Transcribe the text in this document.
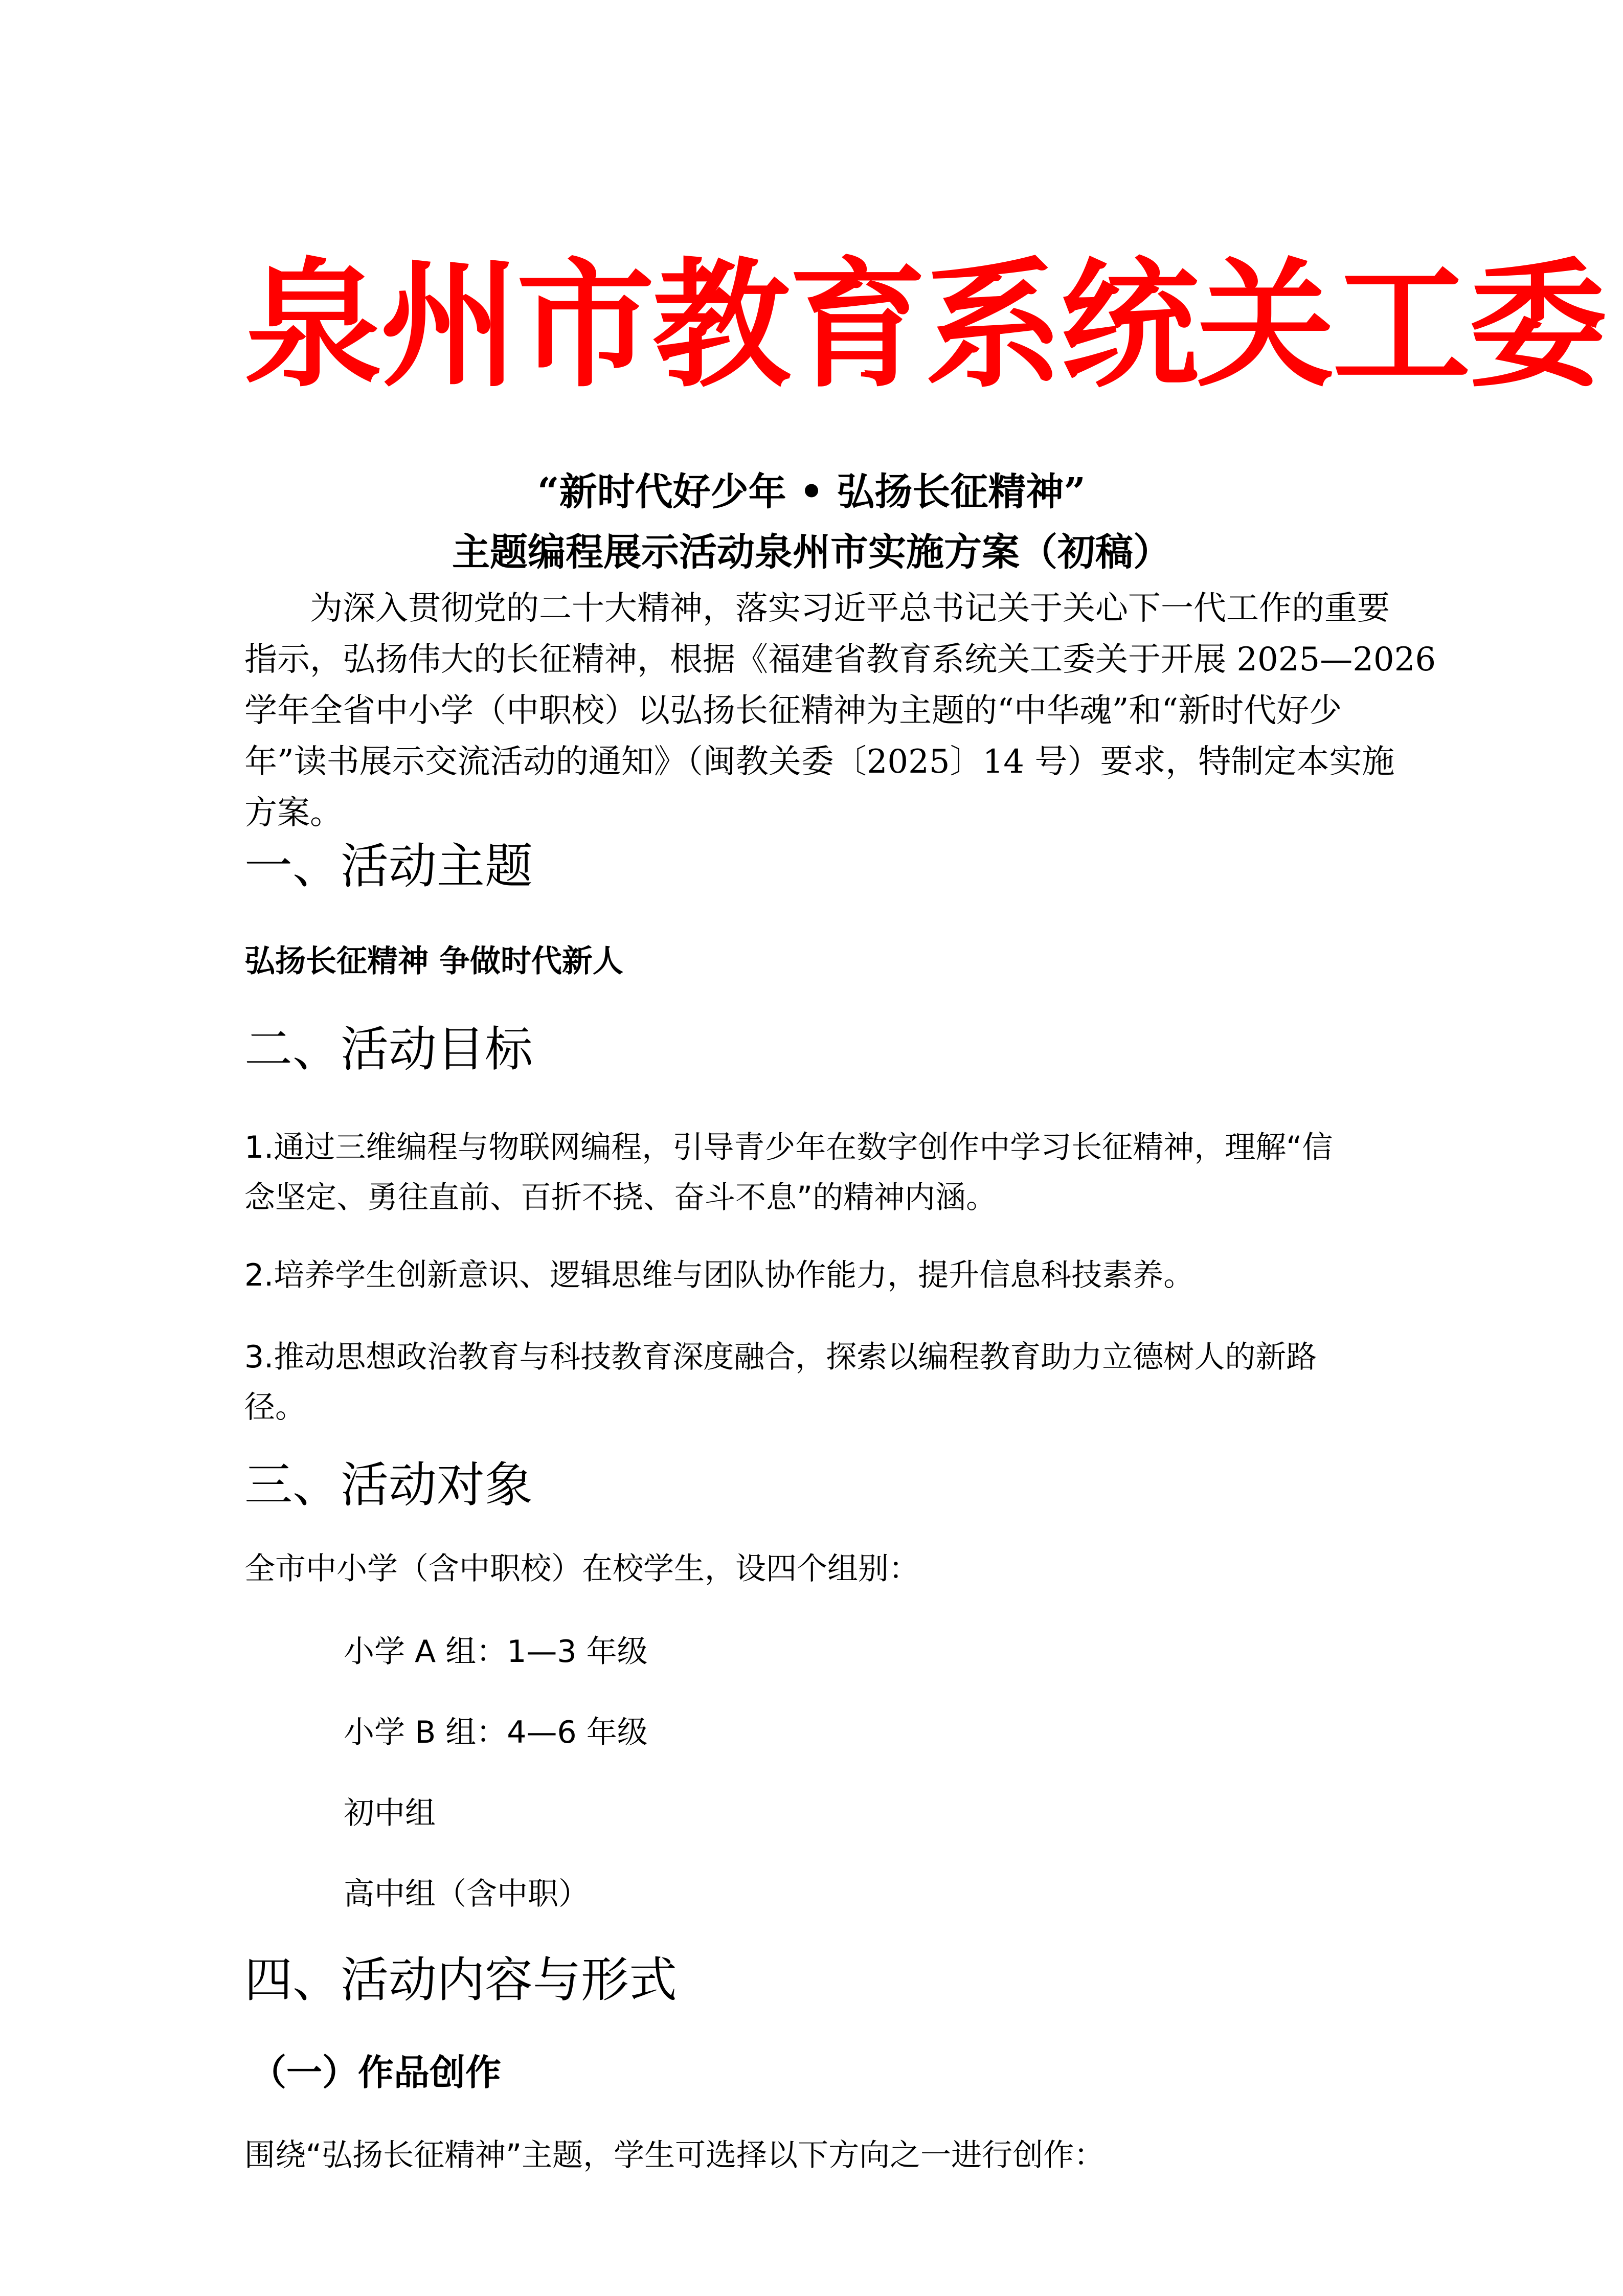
泉州市教育系统关工委
“新时代好少年 • 弘扬长征精神”
主题编程展示活动泉州市实施方案（初稿）
　　为深入贯彻党的二十大精神，落实习近平总书记关于关心下一代工作的重要
指示，弘扬伟大的长征精神，根据《福建省教育系统关工委关于开展 2025—2026
学年全省中小学（中职校）以弘扬长征精神为主题的“中华魂”和“新时代好少
年”读书展示交流活动的通知》（闽教关委〔2025〕14 号）要求，特制定本实施
方案。
一、活动主题
弘扬长征精神 争做时代新人
二、活动目标
1.通过三维编程与物联网编程，引导青少年在数字创作中学习长征精神，理解“信
念坚定、勇往直前、百折不挠、奋斗不息”的精神内涵。
2.培养学生创新意识、逻辑思维与团队协作能力，提升信息科技素养。
3.推动思想政治教育与科技教育深度融合，探索以编程教育助力立德树人的新路
径。
三、活动对象
全市中小学（含中职校）在校学生，设四个组别：
小学 A 组：1—3 年级
小学 B 组：4—6 年级
初中组
高中组（含中职）
四、活动内容与形式
（一）作品创作
围绕“弘扬长征精神”主题，学生可选择以下方向之一进行创作：
